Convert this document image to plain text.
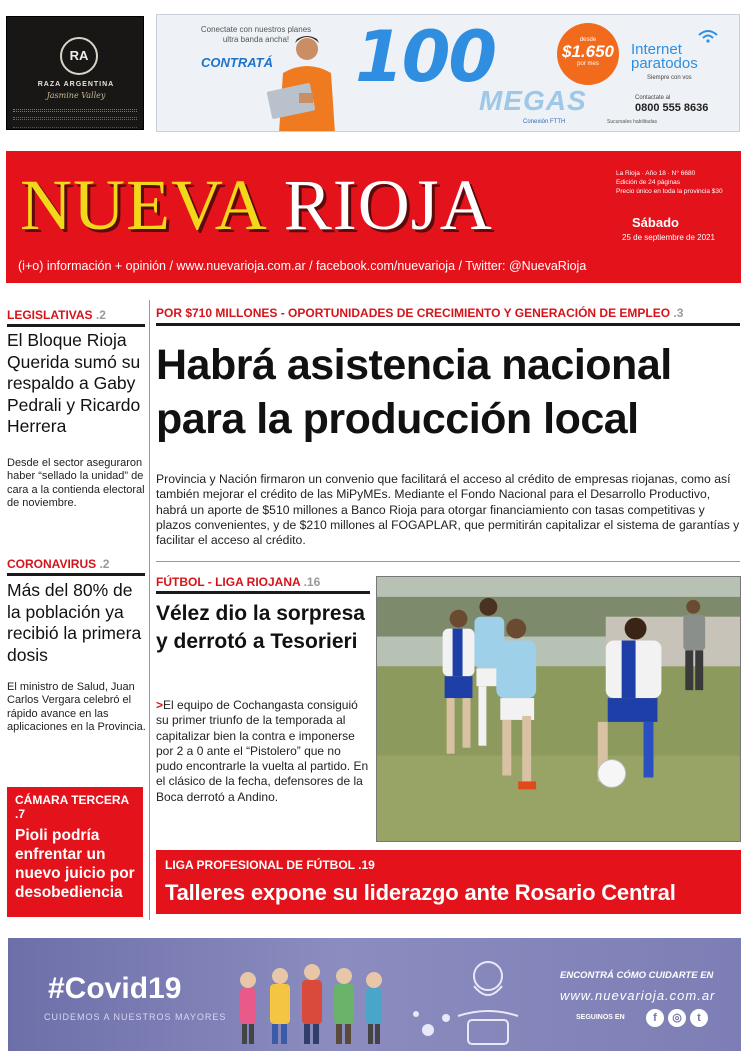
RA
RAZA ARGENTINA
Jasmine Valley
Conectate con nuestros planes ultra banda ancha!
CONTRATÁ 100
MEGAS
Conexión FTTH
desde
$1.650
por mes
Internet
paratodos
Siempre con vos
Contactate al
0800 555 8636
Sucursales habilitadas
NUEVA RIOJA	La Rioja · Año 18 · N° 6680
Edición de 24 páginas
Precio único en toda la provincia $30
Sábado
25 de septiembre de 2021
(i+o) información + opinión / www.nuevarioja.com.ar / facebook.com/nuevarioja / Twitter: @NuevaRioja
LEGISLATIVAS .2
El Bloque Rioja Querida sumó su respaldo a Gaby Pedrali y Ricardo Herrera
Desde el sector aseguraron haber “sellado la unidad” de cara a la contienda electoral de noviembre.
CORONAVIRUS .2
Más del 80% de la población ya recibió la primera dosis
El ministro de Salud, Juan Carlos Vergara celebró el rápido avance en las aplicaciones en la Provincia.
CÁMARA TERCERA .7
Pioli podría enfrentar un nuevo juicio por desobediencia
POR $710 MILLONES - OPORTUNIDADES DE CRECIMIENTO Y GENERACIÓN DE EMPLEO .3
Habrá asistencia nacional para la producción local
Provincia y Nación firmaron un convenio que facilitará el acceso al crédito de empresas riojanas, como así también mejorar el crédito de las MiPyMEs. Mediante el Fondo Nacional para el Desarrollo Productivo, habrá un aporte de $510 millones a Banco Rioja para otorgar financiamiento con tasas competitivas y plazos convenientes, y de $210 millones al FOGAPLAR, que permitirán capitalizar el sistema de garantías y facilitar el acceso al crédito.
FÚTBOL - LIGA RIOJANA .16
Vélez dio la sorpresa y derrotó a Tesorieri
>El equipo de Cochangasta consiguió su primer triunfo de la temporada al capitalizar bien la contra e imponerse por 2 a 0 ante el “Pistolero” que no pudo encontrarle la vuelta al partido. En el clásico de la fecha, defensores de la Boca derrotó a Andino.
LIGA PROFESIONAL DE FÚTBOL .19
Talleres expone su liderazgo ante Rosario Central
#Covid19
CUIDEMOS A NUESTROS MAYORES
ENCONTRÁ CÓMO CUIDARTE EN
www.nuevarioja.com.ar
SEGUINOS EN	f	◎	t
